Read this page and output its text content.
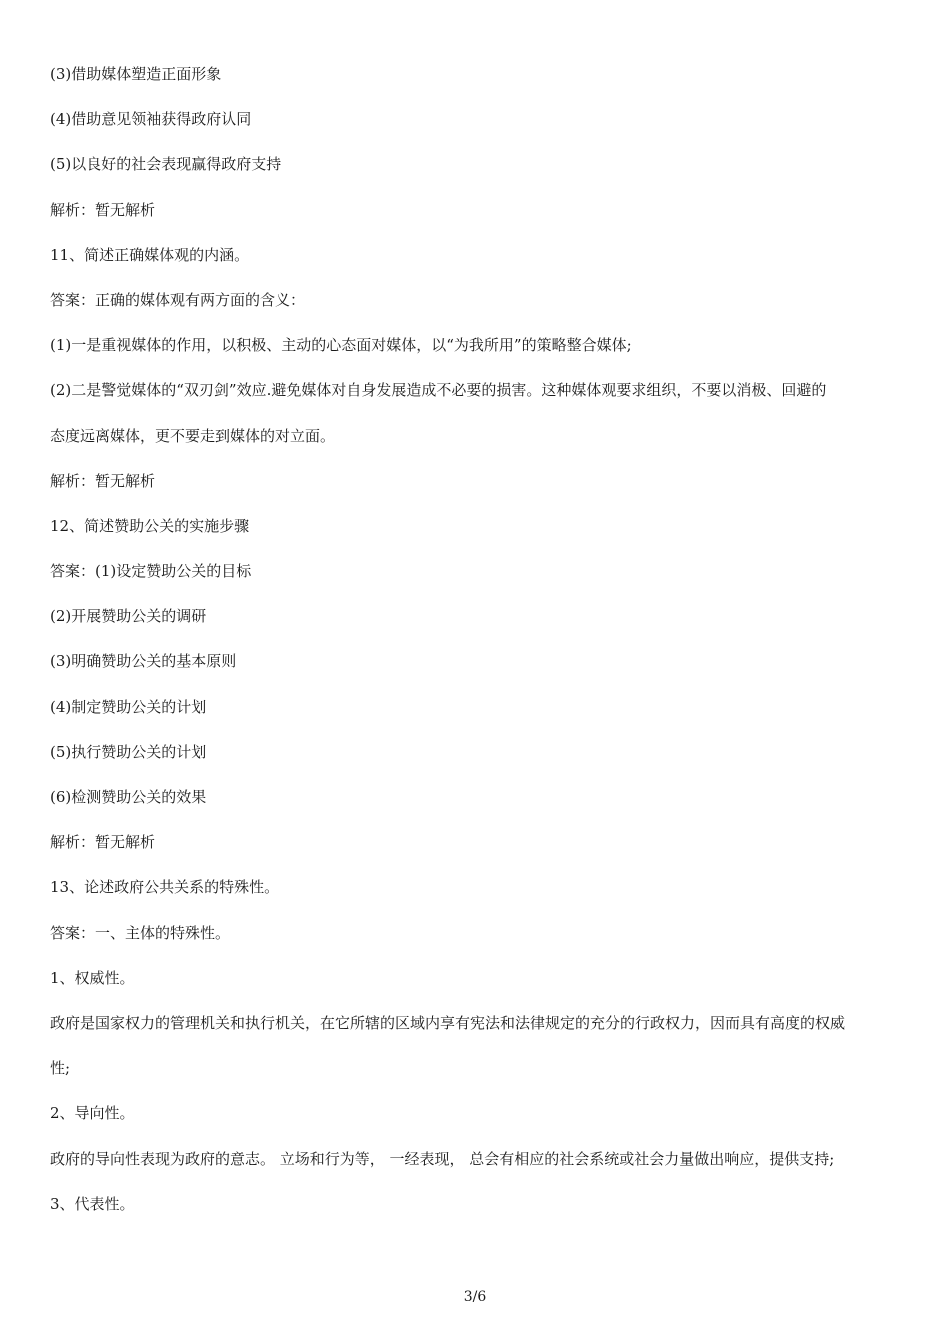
(3)借助媒体塑造正面形象
(4)借助意见领袖获得政府认同
(5)以良好的社会表现赢得政府支持
解析：暂无解析
11、简述正确媒体观的内涵。
答案：正确的媒体观有两方面的含义：
(1)一是重视媒体的作用，以积极、主动的心态面对媒体，以“为我所用”的策略整合媒体;
(2)二是警觉媒体的“双刃剑”效应.避免媒体对自身发展造成不必要的损害。这种媒体观要求组织，不要以消极、回避的
态度远离媒体，更不要走到媒体的对立面。
解析：暂无解析
12、简述赞助公关的实施步骤
答案：(1)设定赞助公关的目标
(2)开展赞助公关的调研
(3)明确赞助公关的基本原则
(4)制定赞助公关的计划
(5)执行赞助公关的计划
(6)检测赞助公关的效果
解析：暂无解析
13、论述政府公共关系的特殊性。
答案：一、主体的特殊性。
1、权威性。
政府是国家权力的管理机关和执行机关，在它所辖的区域内享有宪法和法律规定的充分的行政权力，因而具有高度的权威
性;
2、导向性。
政府的导向性表现为政府的意志。 立场和行为等， 一经表现， 总会有相应的社会系统或社会力量做出响应，提供支持;
3、代表性。
3/6
